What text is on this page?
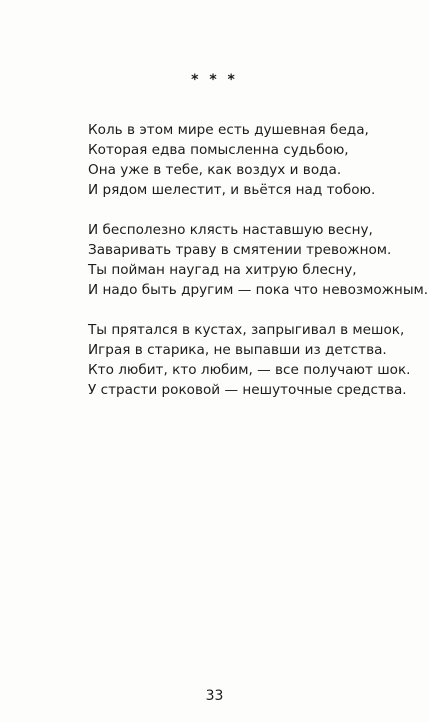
* * *
Коль в этом мире есть душевная беда,
Которая едва помысленна судьбою,
Она уже в тебе, как воздух и вода.
И рядом шелестит, и вьётся над тобою.
И бесполезно клясть наставшую весну,
Заваривать траву в смятении тревожном.
Ты пойман наугад на хитрую блесну,
И надо быть другим — пока что невозможным.
Ты прятался в кустах, запрыгивал в мешок,
Играя в старика, не выпавши из детства.
Кто любит, кто любим, — все получают шок.
У страсти роковой — нешуточные средства.
33
